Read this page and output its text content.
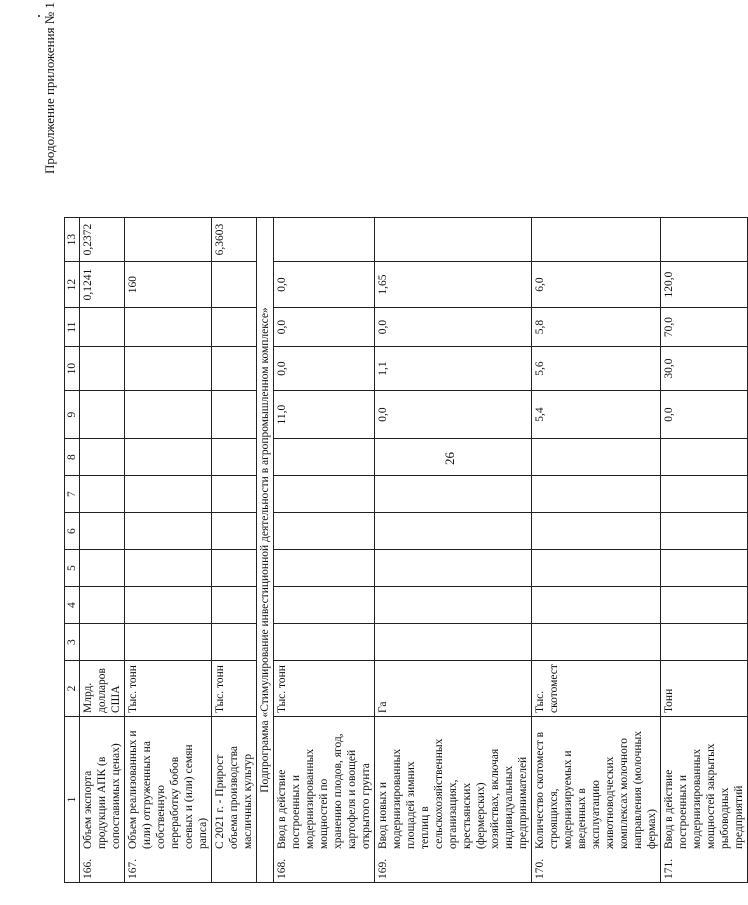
26
Продолжение приложения № 1
1	2	3	4	5	6	7	8	9	10	11	12	13
166.Объем экспорта продукции АПК (в сопоставимых ценах)	Млрд. долларов США										0,1241	0,2372
167.Объем реализованных и (или) отгруженных на собственную переработку бобов соевых и (или) семян рапса)	Тыс. тонн										160	
С 2021 г. - Прирост объема производства масличных культур	Тыс. тонн											6,3603
Подпрограмма «Стимулирование инвестиционной деятельности в агропромышленном комплексе»												
168.Ввод в действие построенных и модернизированных мощностей по хранению плодов, ягод, картофеля и овощей открытого грунта	Тыс. тонн							11,0	0,0	0,0	0,0	
169.Ввод новых и модернизированных площадей зимних теплиц в сельскохозяйственных организациях, крестьянских (фермерских) хозяйствах, включая индивидуальных предпринимателей	Га							0,0	1,1	0,0	1,65	
170.Количество скотомест в строящихся, модернизируемых и введенных в эксплуатацию животноводческих комплексах молочного направления (молочных фермах)	Тыс. скотомест							5,4	5,6	5,8	6,0	
171.Ввод в действие построенных и модернизированных мощностей закрытых рыбоводных предприятий	Тонн							0,0	30,0	70,0	120,0	
